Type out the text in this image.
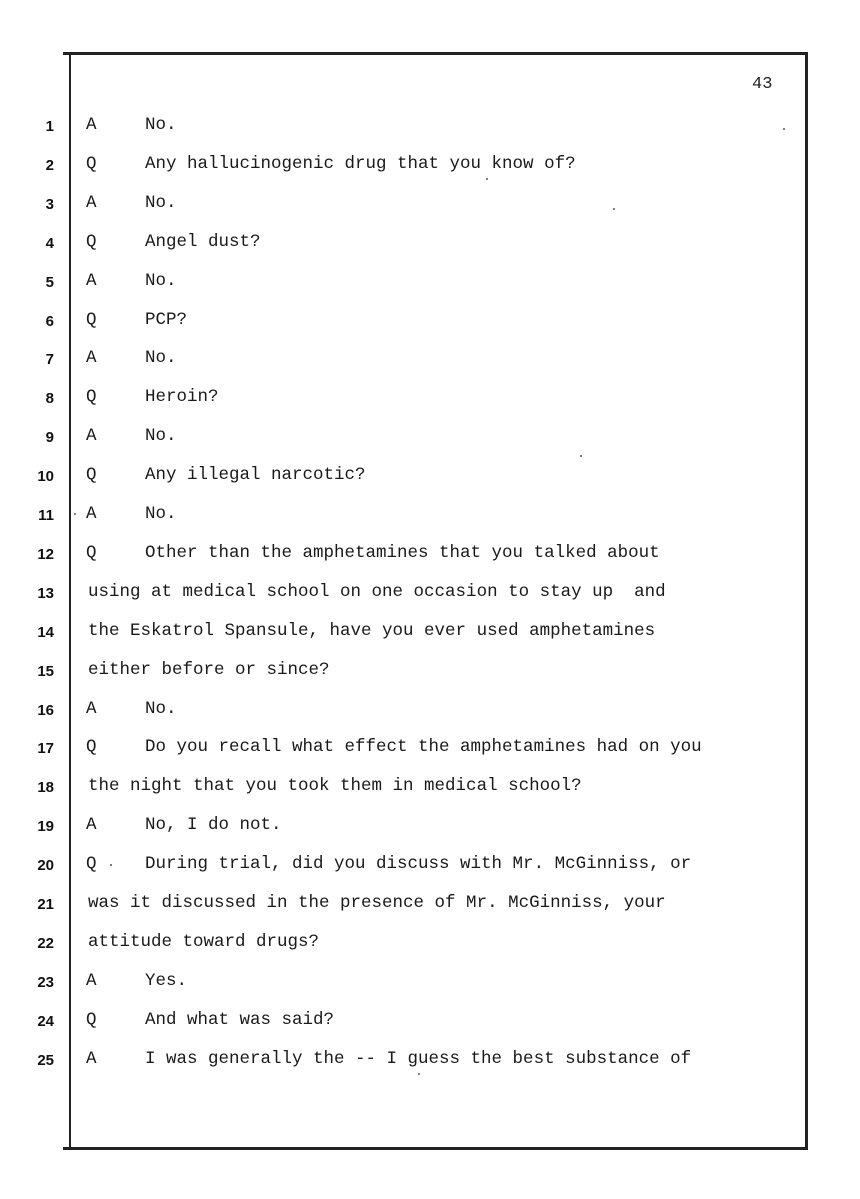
43
1 A	No.
2 Q	Any hallucinogenic drug that you know of?
3 A	No.
4 Q	Angel dust?
5 A	No.
6 Q	PCP?
7 A	No.
8 Q	Heroin?
9 A	No.
10 Q	Any illegal narcotic?
11 A	No.
12 Q	Other than the amphetamines that you talked about
13 using at medical school on one occasion to stay up  and
14 the Eskatrol Spansule, have you ever used amphetamines
15 either before or since?
16 A	No.
17 Q	Do you recall what effect the amphetamines had on you
18 the night that you took them in medical school?
19 A	No, I do not.
20 Q	During trial, did you discuss with Mr. McGinniss, or
21 was it discussed in the presence of Mr. McGinniss, your
22 attitude toward drugs?
23 A	Yes.
24 Q	And what was said?
25 A	I was generally the -- I guess the best substance of
